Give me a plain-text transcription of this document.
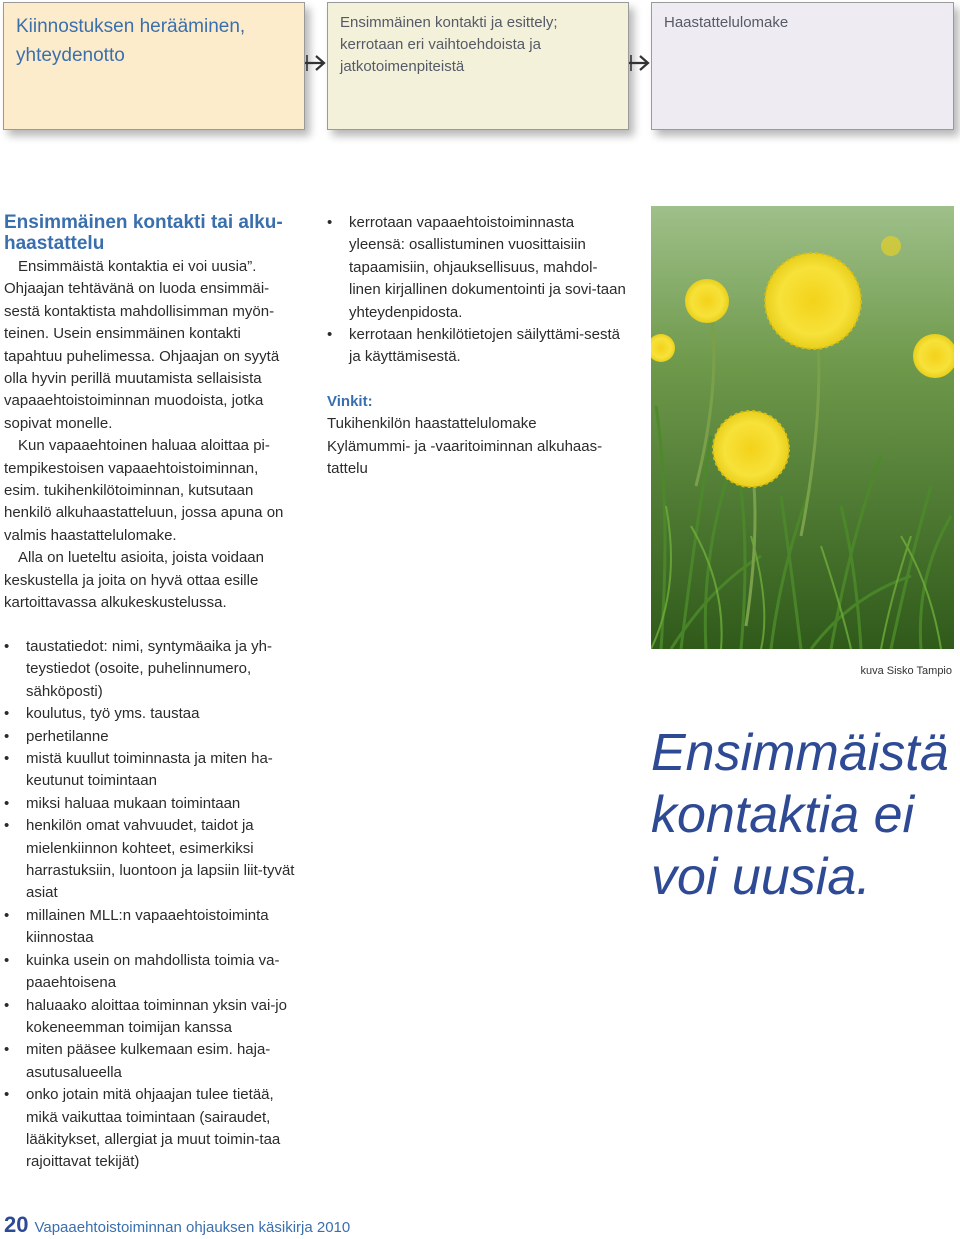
Kiinnostuksen herääminen, yhteydenotto
Ensimmäinen kontakti ja esittely; kerrotaan eri vaihtoehdoista ja jatkotoimenpiteistä
Haastattelulomake
Ensimmäinen kontakti tai alku-haastattelu
Ensimmäistä kontaktia ei voi uusia”. Ohjaajan tehtävänä on luoda ensimmäi-sestä kontaktista mahdollisimman myön-teinen. Usein ensimmäinen kontakti tapahtuu puhelimessa. Ohjaajan on syytä olla hyvin perillä muutamista sellaisista vapaaehtoistoiminnan muodoista, jotka sopivat monelle.
Kun vapaaehtoinen haluaa aloittaa pi-tempikestoisen vapaaehtoistoiminnan, esim. tukihenkilötoiminnan, kutsutaan henkilö alkuhaastatteluun, jossa apuna on valmis haastattelulomake.
Alla on lueteltu asioita, joista voidaan keskustella ja joita on hyvä ottaa esille kartoittavassa alkukeskustelussa.
• kerrotaan vapaaehtoistoiminnasta yleensä: osallistuminen vuosittaisiin tapaamisiin, ohjauksellisuus, mahdol-linen kirjallinen dokumentointi ja sovi-taan yhteydenpidosta.
• kerrotaan henkilötietojen säilyttämi-sestä ja käyttämisestä.
Vinkit:
Tukihenkilön haastattelulomake
Kylämummi- ja -vaaritoiminnan alkuhaas-tattelu
kuva Sisko Tampio
• taustatiedot: nimi, syntymäaika ja yh-teystiedot (osoite, puhelinnumero, sähköposti)
• koulutus, työ yms. taustaa
• perhetilanne
• mistä kuullut toiminnasta ja miten ha-keutunut toimintaan
• miksi haluaa mukaan toimintaan
• henkilön omat vahvuudet, taidot ja mielenkiinnon kohteet, esimerkiksi harrastuksiin, luontoon ja lapsiin liit-tyvät asiat
• millainen MLL:n vapaaehtoistoiminta kiinnostaa
• kuinka usein on mahdollista toimia va-paaehtoisena
• haluaako aloittaa toiminnan yksin vai-jo kokeneemman toimijan kanssa
• miten pääsee kulkemaan esim. haja-asutusalueella
• onko jotain mitä ohjaajan tulee tietää, mikä vaikuttaa toimintaan (sairaudet, lääkitykset, allergiat ja muut toimin-taa rajoittavat tekijät)
Ensimmäistä kontaktia ei voi uusia.
20 Vapaaehtoistoiminnan ohjauksen käsikirja 2010
